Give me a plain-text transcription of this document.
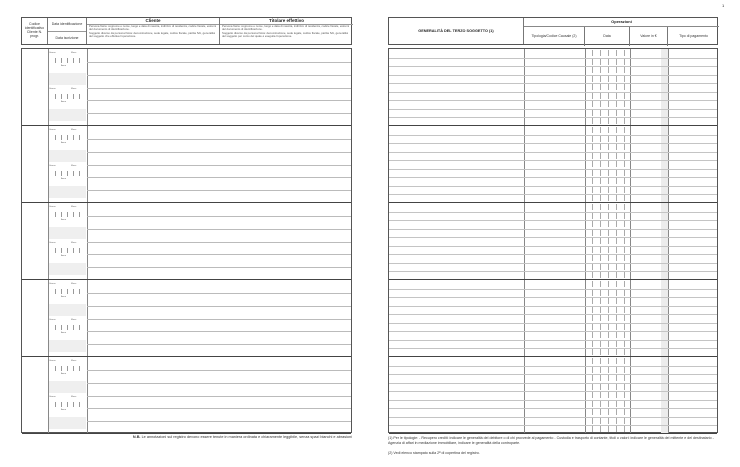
1
Codice identificativo Cliente N. progr.
Data identificazione
Data iscrizione
Cliente
Persona fisica: cognome e nome, luogo e data di nascita, indirizzo di residenza, codice fiscale, estremi del documento di identificazione.
Soggetto diverso da persona fisica: denominazione, sede legale, codice fiscale, partita IVA, generalità del soggetto che effettua l'operazione.
Titolare effettivo
Persona fisica: cognome e nome, luogo e data di nascita, indirizzo di residenza, codice fiscale, estremi del documento di identificazione.
Soggetto diverso da persona fisica: denominazione, sede legale, codice fiscale, partita IVA, generalità del soggetto per conto del quale è eseguita l'operazione.
Giorno	Mese
Anno
Giorno	Mese
Anno
Giorno	Mese
Anno
Giorno	Mese
Anno
Giorno	Mese
Anno
Giorno	Mese
Anno
Giorno	Mese
Anno
Giorno	Mese
Anno
Giorno	Mese
Anno
Giorno	Mese
Anno
N.B. Le annotazioni sul registro devono essere tenute in maniera ordinata e chiaramente leggibile, senza spazi bianchi e abrasioni
GENERALITÀ DEL TERZO SOGGETTO (1)
Operazioni
Tipologia/Codice Causale (2)	Data	Valore in €	Tipo di pagamento
(1) Per le tipologie: - Recupero crediti: indicare le generalità del debitore o di chi provvede al pagamento - Custodia e trasporto di contante, titoli o valori: indicare le generalità del mittente e del destinatario - Agenzia di affari in mediazione immobiliare, indicare le generalità della controparte.
(2) Vedi elenco stampato sulla 2ª di copertina del registro.
